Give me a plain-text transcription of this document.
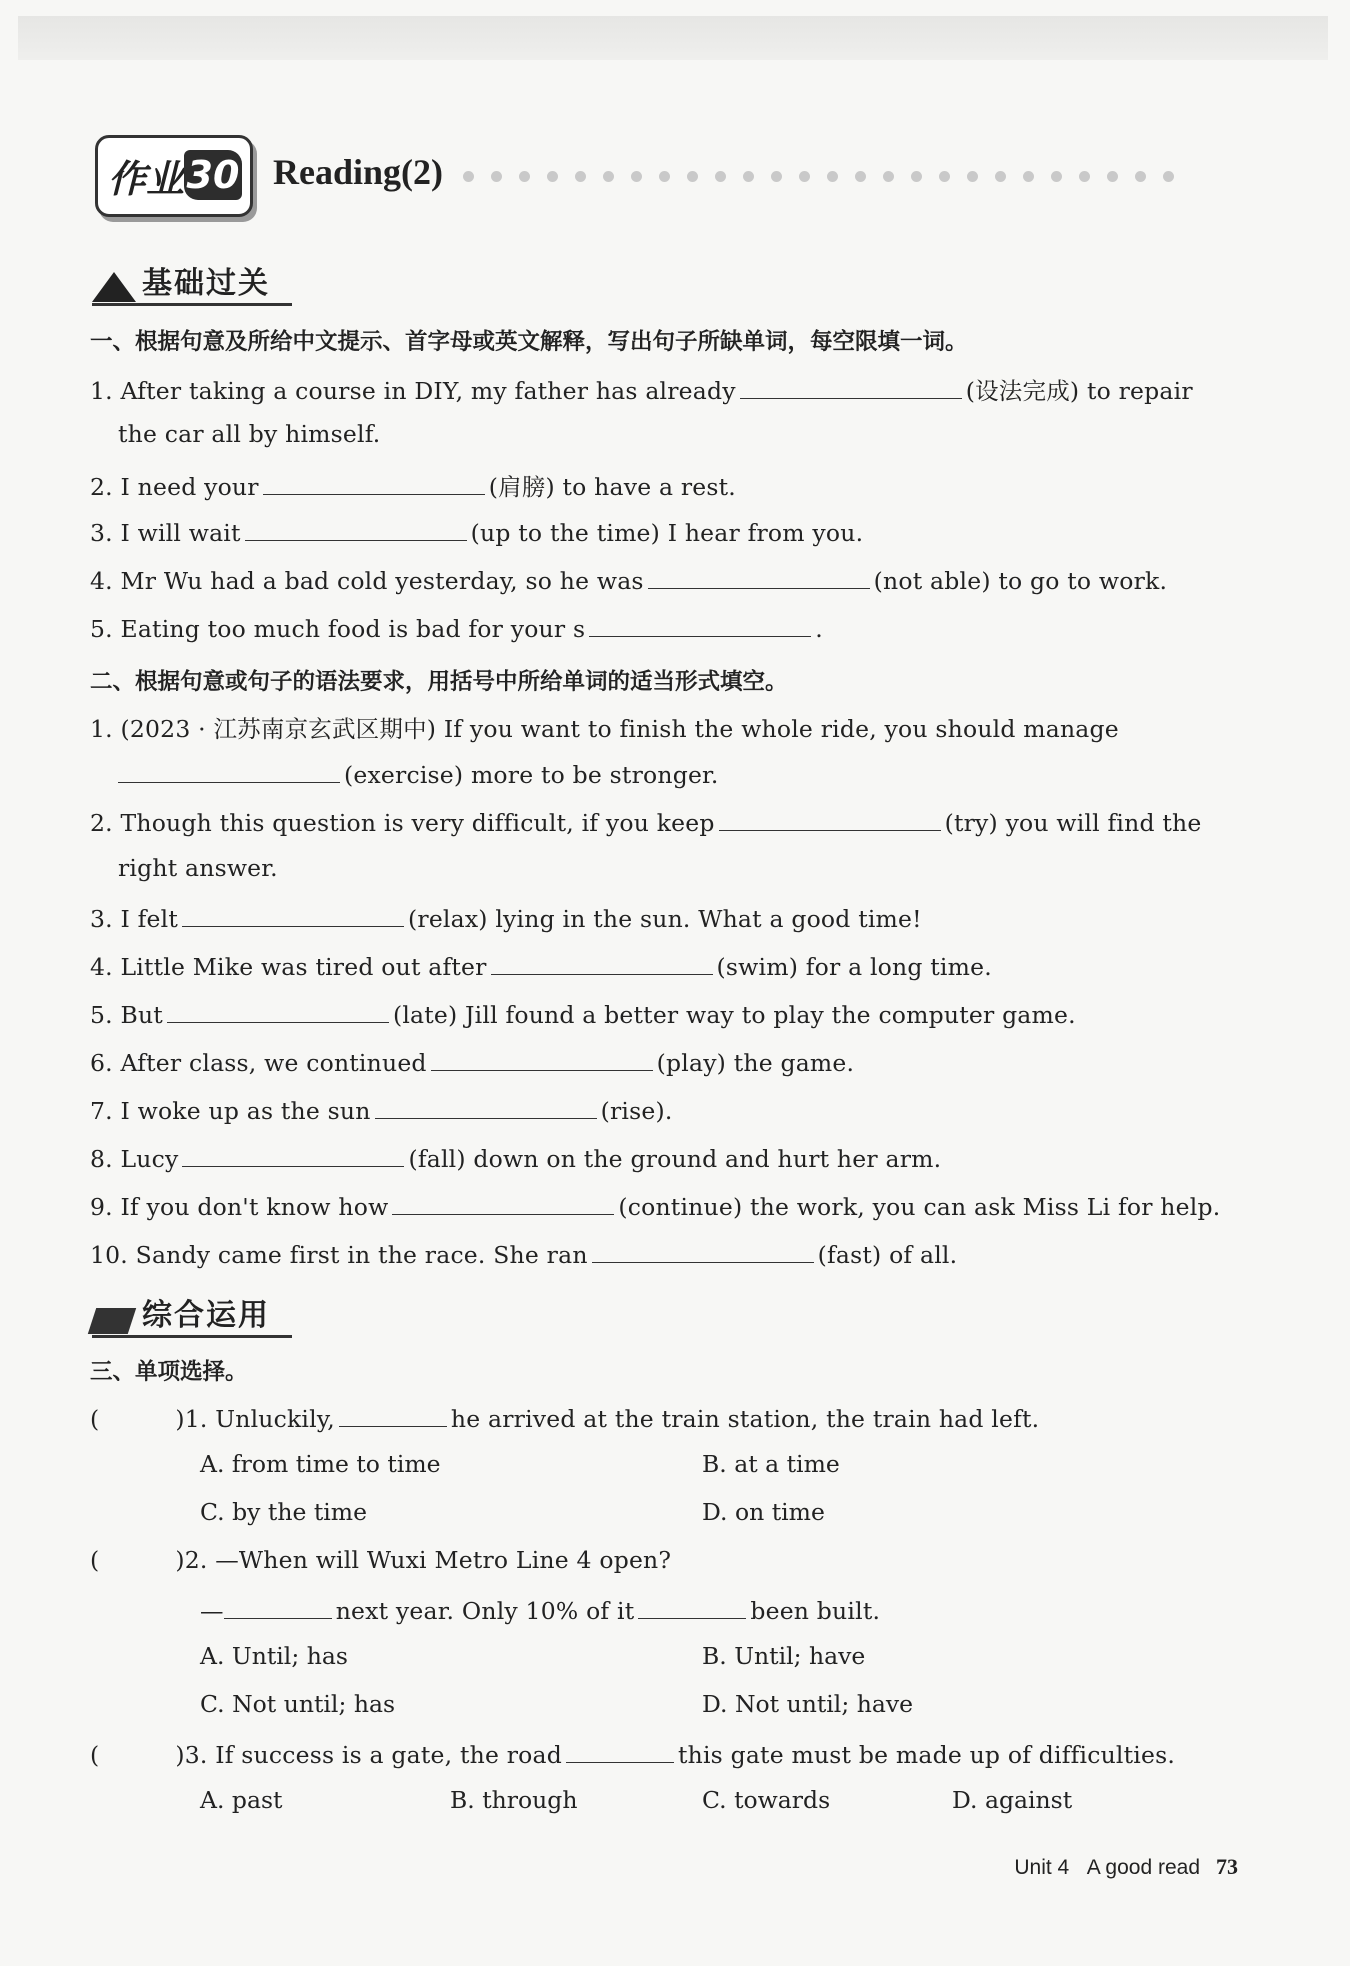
作业 30 Reading(2)
基础过关
一、根据句意及所给中文提示、首字母或英文解释，写出句子所缺单词，每空限填一词。
1. After taking a course in DIY, my father has already	(设法完成) to repair
the car all by himself.
2. I need your	(肩膀) to have a rest.
3. I will wait	(up to the time) I hear from you.
4. Mr Wu had a bad cold yesterday, so he was	(not able) to go to work.
5. Eating too much food is bad for your s	.
二、根据句意或句子的语法要求，用括号中所给单词的适当形式填空。
1. (2023 · 江苏南京玄武区期中) If you want to finish the whole ride, you should manage
(exercise) more to be stronger.
2. Though this question is very difficult, if you keep	(try) you will find the
right answer.
3. I felt	(relax) lying in the sun. What a good time!
4. Little Mike was tired out after	(swim) for a long time.
5. But	(late) Jill found a better way to play the computer game.
6. After class, we continued	(play) the game.
7. I woke up as the sun	(rise).
8. Lucy	(fall) down on the ground and hurt her arm.
9. If you don't know how	(continue) the work, you can ask Miss Li for help.
10. Sandy came first in the race. She ran	(fast) of all.
综合运用
三、单项选择。
(	)1. Unluckily,	he arrived at the train station, the train had left.
A. from time to time	B. at a time
C. by the time	D. on time
(	)2. —When will Wuxi Metro Line 4 open?
—	next year. Only 10% of it	been built.
A. Until; has	B. Until; have
C. Not until; has	D. Not until; have
(	)3. If success is a gate, the road	this gate must be made up of difficulties.
A. past	B. through	C. towards	D. against
Unit 4 A good read 73
